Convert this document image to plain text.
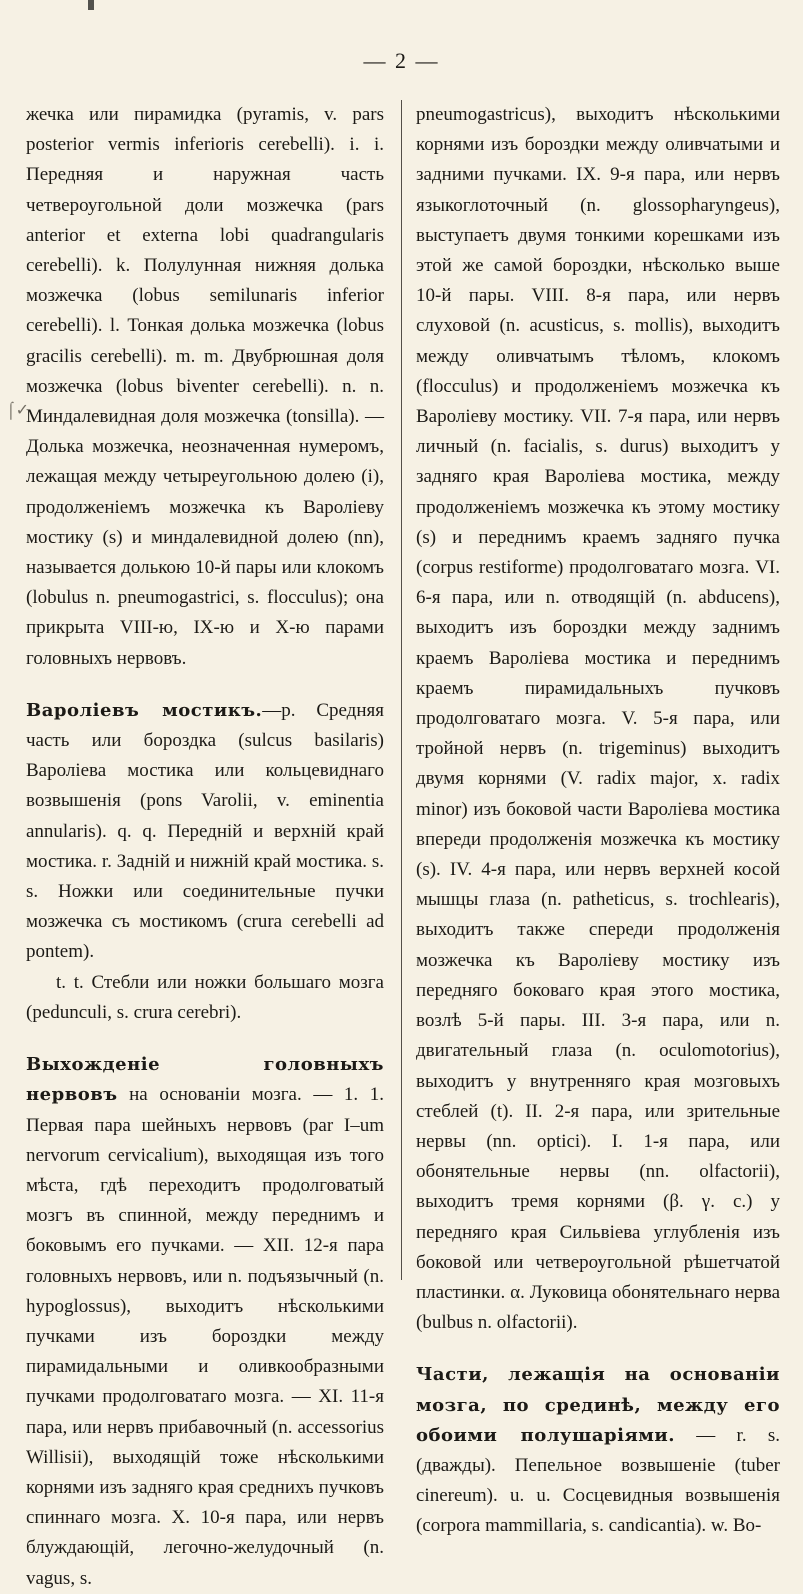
— 2 —
⌠✓

жечка или пирамидка (pyramis, v. pars posterior vermis inferioris cerebelli). i. i. Передняя и наружная часть четвероугольной доли мозжечка (pars anterior et externa lobi quadrangularis cerebelli). k. Полулунная нижняя долька мозжечка (lobus semilunaris inferior cerebelli). l. Тонкая долька мозжечка (lobus gracilis cerebelli). m. m. Двубрюшная доля мозжечка (lobus biventer cerebelli). n. n. Миндалевидная доля мозжечка (tonsilla). — Долька мозжечка, неозначенная нумеромъ, лежащая между четыреугольною долею (i), продолженіемъ мозжечка къ Вароліеву мостику (s) и миндалевидной долею (nn), называется долькою 10-й пары или клокомъ (lobulus n. pneumogastrici, s. flocculus); она прикрыта VIII-ю, IX-ю и X-ю парами головныхъ нервовъ.

Вароліевъ мостикъ.—p. Средняя часть или бороздка (sulcus basilaris) Вароліева мостика или кольцевиднаго возвышенія (pons Varolii, v. eminentia annularis). q. q. Передній и верхній край мостика. r. Задній и нижній край мостика. s. s. Ножки или соединительные пучки мозжечка съ мостикомъ (crura cerebelli ad pontem).

t. t. Стебли или ножки большаго мозга (pedunculi, s. crura cerebri).

Выхожденіе головныхъ нервовъ на основаніи мозга. — 1. 1. Первая пара шейныхъ нервовъ (par I–um nervorum cervicalium), выходящая изъ того мѣста, гдѣ переходитъ продолговатый мозгъ въ спинной, между переднимъ и боковымъ его пучками. — XII. 12-я пара головныхъ нервовъ, или n. подъязычный (n. hypoglossus), выходитъ нѣсколькими пучками изъ бороздки между пирамидальными и оливкообразными пучками продолговатаго мозга. — XI. 11-я пара, или нервъ прибавочный (n. accessorius Willisii), выходящій тоже нѣсколькими корнями изъ задняго края среднихъ пучковъ спиннаго мозга. X. 10-я пара, или нервъ блуждающій, легочно-желудочный (n. vagus, s.

pneumogastricus), выходитъ нѣсколькими корнями изъ бороздки между оливчатыми и задними пучками. IX. 9-я пара, или нервъ языкоглоточный (n. glossopharyngeus), выступаетъ двумя тонкими корешками изъ этой же самой бороздки, нѣсколько выше 10-й пары. VIII. 8-я пара, или нервъ слуховой (n. acusticus, s. mollis), выходитъ между оливчатымъ тѣломъ, клокомъ (flocculus) и продолженіемъ мозжечка къ Вароліеву мостику. VII. 7-я пара, или нервъ личный (n. facialis, s. durus) выходитъ у задняго края Вароліева мостика, между продолженіемъ мозжечка къ этому мостику (s) и переднимъ краемъ задняго пучка (corpus restiforme) продолговатаго мозга. VI. 6-я пара, или n. отводящій (n. abducens), выходитъ изъ бороздки между заднимъ краемъ Вароліева мостика и переднимъ краемъ пирамидальныхъ пучковъ продолговатаго мозга. V. 5-я пара, или тройной нервъ (n. trigeminus) выходитъ двумя корнями (V. radix major, x. radix minor) изъ боковой части Вароліева мостика впереди продолженія мозжечка къ мостику (s). IV. 4-я пара, или нервъ верхней косой мышцы глаза (n. patheticus, s. trochlearis), выходитъ также спереди продолженія мозжечка къ Вароліеву мостику изъ передняго боковаго края этого мостика, возлѣ 5-й пары. III. 3-я пара, или n. двигательный глаза (n. oculomotorius), выходитъ у внутренняго края мозговыхъ стеблей (t). II. 2-я пара, или зрительные нервы (nn. optici). I. 1-я пара, или обонятельные нервы (nn. olfactorii), выходитъ тремя корнями (β. γ. c.) у передняго края Сильвіева углубленія изъ боковой или четвероугольной рѣшетчатой пластинки. α. Луковица обонятельнаго нерва (bulbus n. olfactorii).

Части, лежащія на основаніи мозга, по срединѣ, между его обоими полушаріями. — r. s. (дважды). Пепельное возвышеніе (tuber cinereum). u. u. Сосцевидныя возвышенія (corpora mammillaria, s. candicantia). w. Во-
